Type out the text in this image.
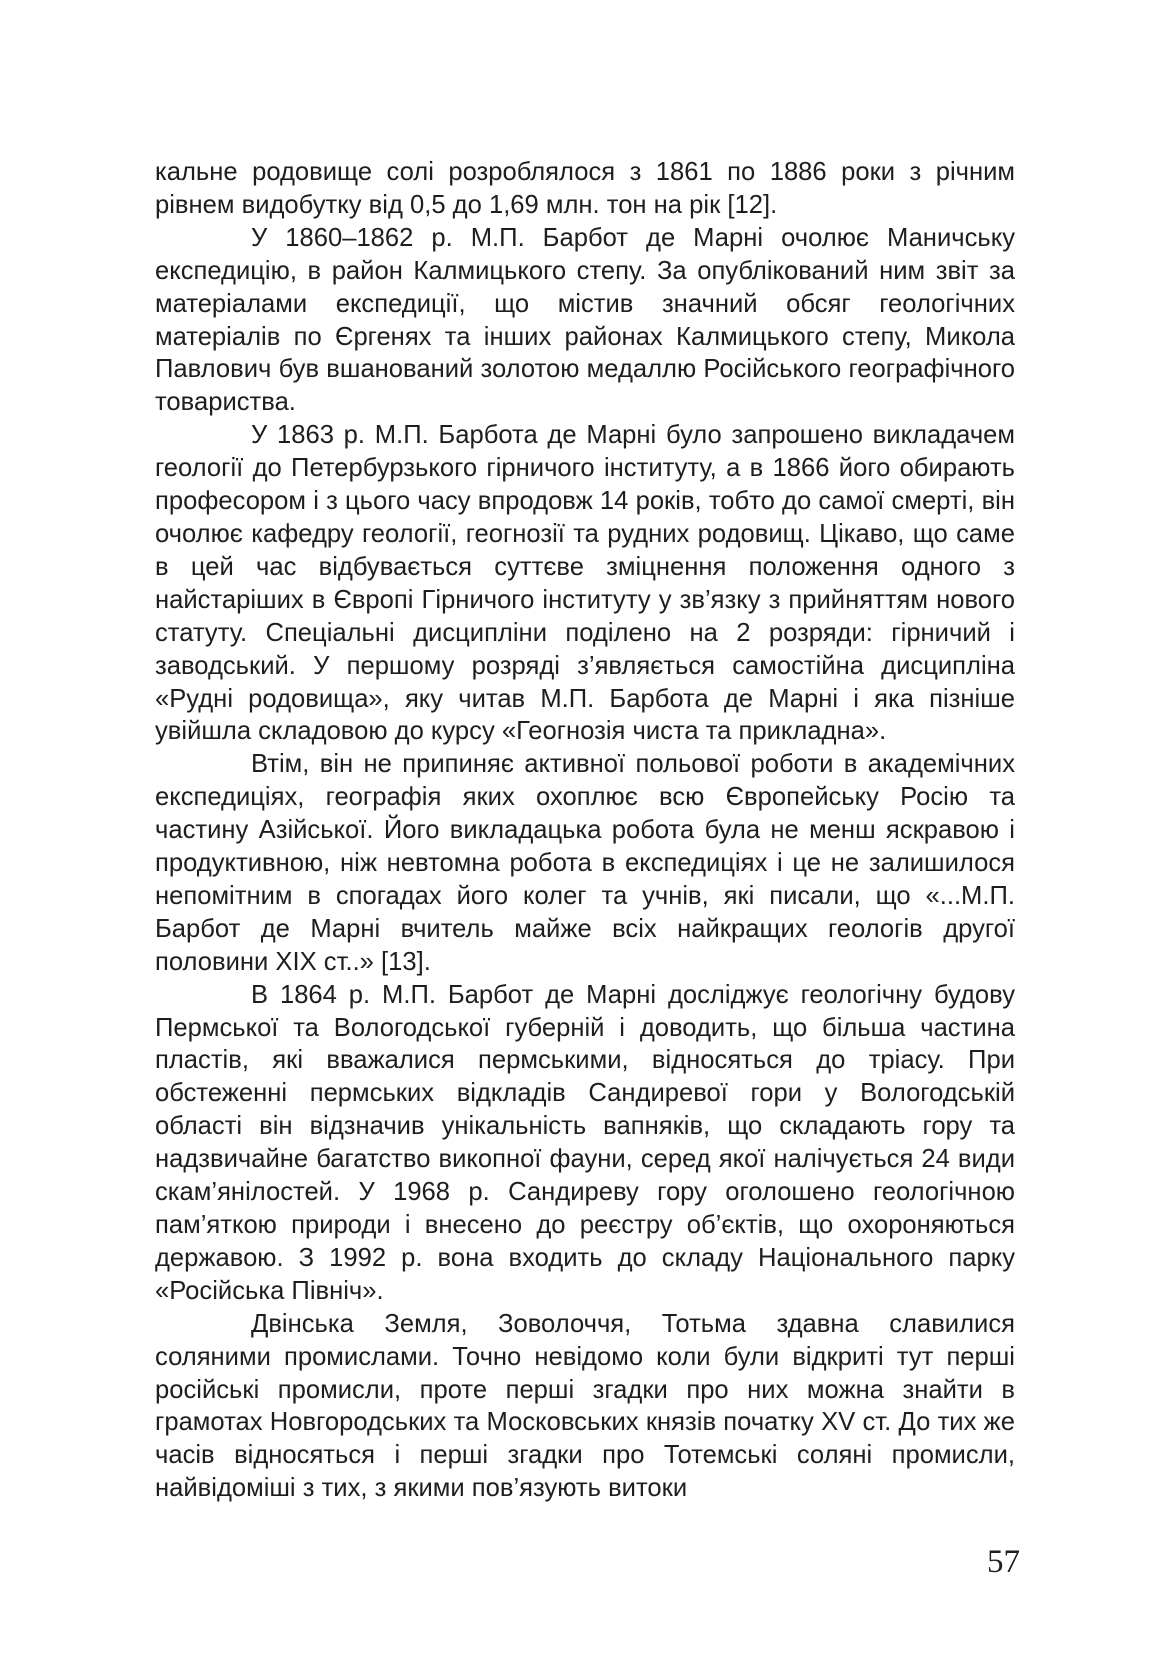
кальне родовище солі розроблялося з 1861 по 1886 роки з річним рівнем видобутку від 0,5 до 1,69 млн. тон на рік [12].

У 1860–1862 р. М.П. Барбот де Марні очолює Маничську експедицію, в район Калмицького степу. За опублікований ним звіт за матеріалами експедиції, що містив значний обсяг геологічних матеріалів по Єргенях та інших районах Калмицького степу, Микола Павлович був вшанований золотою медаллю Російського географічного товариства.

У 1863 р. М.П. Барбота де Марні було запрошено викладачем геології до Петербурзького гірничого інституту, а в 1866 його обирають професором і з цього часу впродовж 14 років, тобто до самої смерті, він очолює кафедру геології, геогнозії та рудних родовищ. Цікаво, що саме в цей час відбувається суттєве зміцнення положення одного з найстаріших в Європі Гірничого інституту у зв’язку з прийняттям нового статуту. Спеціальні дисципліни поділено на 2 розряди: гірничий і заводський. У першому розряді з’являється самостійна дисципліна «Рудні родовища», яку читав М.П. Барбота де Марні і яка пізніше увійшла складовою до курсу «Геогнозія чиста та прикладна».

Втім, він не припиняє активної польової роботи в академічних експедиціях, географія яких охоплює всю Європейську Росію та частину Азійської. Його викладацька робота була не менш яскравою і продуктивною, ніж невтомна робота в експедиціях і це не залишилося непомітним в спогадах його колег та учнів, які писали, що «...М.П. Барбот де Марні вчитель майже всіх найкращих геологів другої половини ХІХ ст..» [13].

В 1864 р. М.П. Барбот де Марні досліджує геологічну будову Пермської та Вологодської губерній і доводить, що більша частина пластів, які вважалися пермськими, відносяться до тріасу. При обстеженні пермських відкладів Сандиревої гори у Вологодській області він відзначив унікальність вапняків, що складають гору та надзвичайне багатство викопної фауни, серед якої налічується 24 види скам’янілостей. У 1968 р. Сандиреву гору оголошено геологічною пам’яткою природи і внесено до реєстру об’єктів, що охороняються державою. З 1992 р. вона входить до складу Національного парку «Російська Північ».

Двінська Земля, Зоволоччя, Тотьма здавна славилися соляними промислами. Точно невідомо коли були відкриті тут перші російські промисли, проте перші згадки про них можна знайти в грамотах Новгородських та Московських князів початку XV ст. До тих же часів відносяться і перші згадки про Тотемські соляні промисли, найвідоміші з тих, з якими пов’язують витоки

57
